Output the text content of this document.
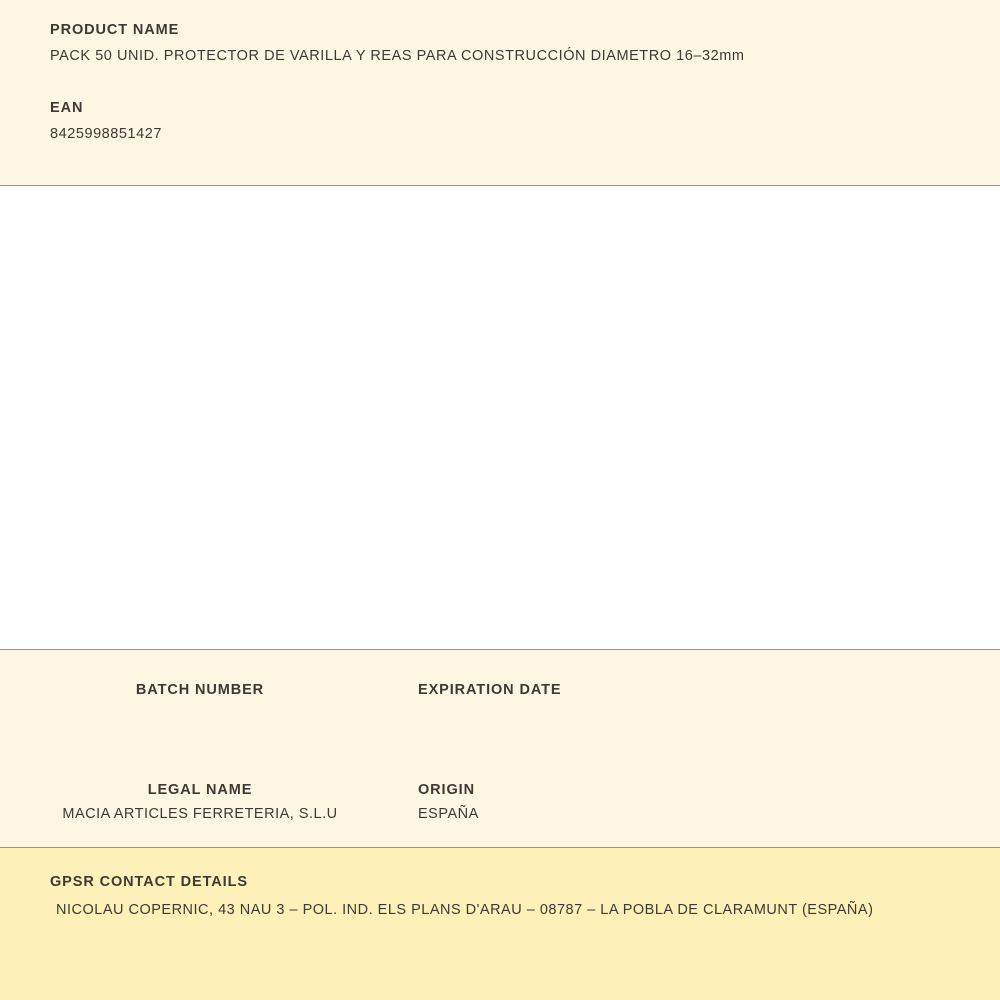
PRODUCT NAME

PACK 50 UNID. PROTECTOR DE VARILLA Y REAS PARA CONSTRUCCIÓN DIAMETRO 16–32mm

EAN

8425998851427

BATCH NUMBER	EXPIRATION DATE

LEGAL NAME

MACIA ARTICLES FERRETERIA, S.L.U

ORIGIN

ESPAÑA

GPSR CONTACT DETAILS

NICOLAU COPERNIC, 43 NAU 3 – POL. IND. ELS PLANS D'ARAU – 08787 – LA POBLA DE CLARAMUNT (ESPAÑA)
